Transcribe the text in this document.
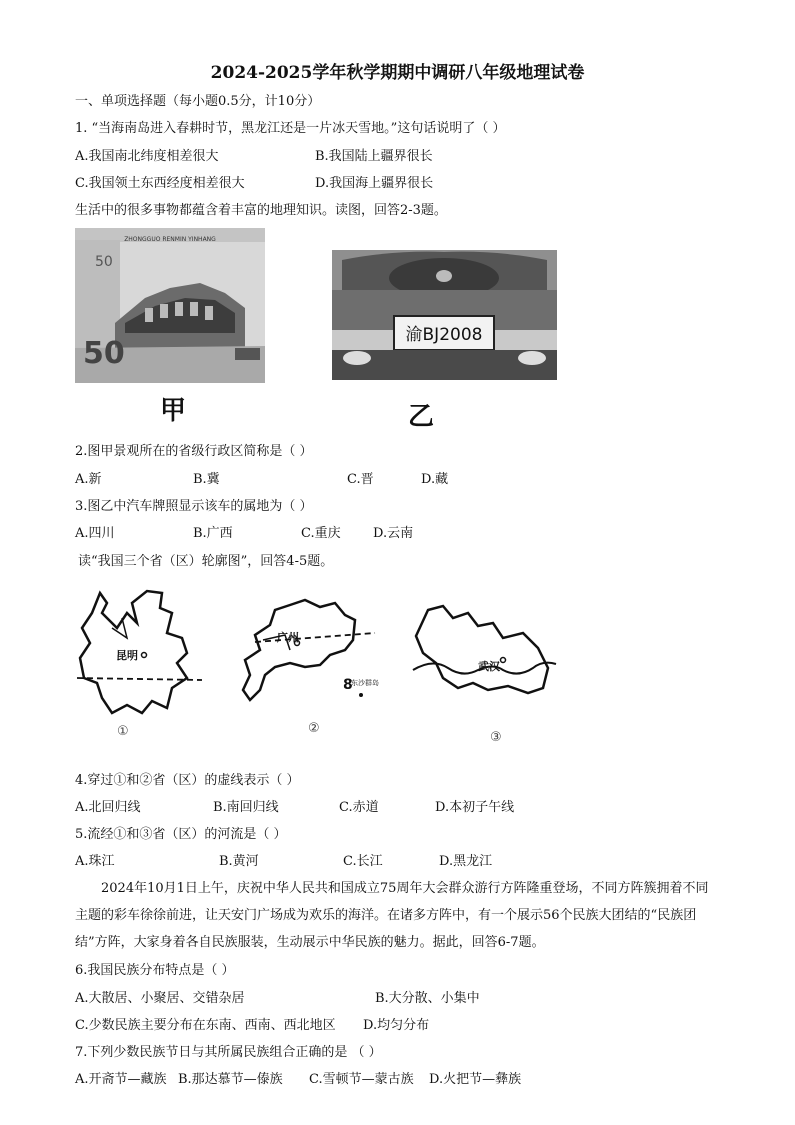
2024-2025学年秋学期期中调研八年级地理试卷
一、单项选择题（每小题0.5分，计10分）
1. “当海南岛进入春耕时节，黑龙江还是一片冰天雪地。”这句话说明了（ ）
A.我国南北纬度相差很大	B.我国陆上疆界很长
C.我国领土东西经度相差很大	D.我国海上疆界很长
生活中的很多事物都蕴含着丰富的地理知识。读图，回答2-3题。
ZHONGGUO RENMIN YINHANG
50
50
甲
渝BJ2008
乙
2.图甲景观所在的省级行政区简称是（ ）
A.新	B.冀	C.晋	D.藏
3.图乙中汽车牌照显示该车的属地为（ ）
A.四川	B.广西	C.重庆 D.云南
读“我国三个省（区）轮廓图”，回答4-5题。
昆明
①
广州
8
东沙群岛
②
武汉
③
4.穿过①和②省（区）的虚线表示（ ）
A.北回归线	B.南回归线	C.赤道	D.本初子午线
5.流经①和③省（区）的河流是（ ）
A.珠江	B.黄河	C.长江	D.黑龙江
2024年10月1日上午，庆祝中华人民共和国成立75周年大会群众游行方阵隆重登场，不同方阵簇拥着不同主题的彩车徐徐前进，让天安门广场成为欢乐的海洋。在诸多方阵中，有一个展示56个民族大团结的“民族团结”方阵，大家身着各自民族服装，生动展示中华民族的魅力。据此，回答6-7题。
6.我国民族分布特点是（ ）
A.大散居、小聚居、交错杂居	B.大分散、小集中
C.少数民族主要分布在东南、西南、西北地区 D.均匀分布
7.下列少数民族节日与其所属民族组合正确的是 （ ）
A.开斋节—藏族 B.那达慕节—傣族 C.雪顿节—蒙古族 D.火把节—彝族
